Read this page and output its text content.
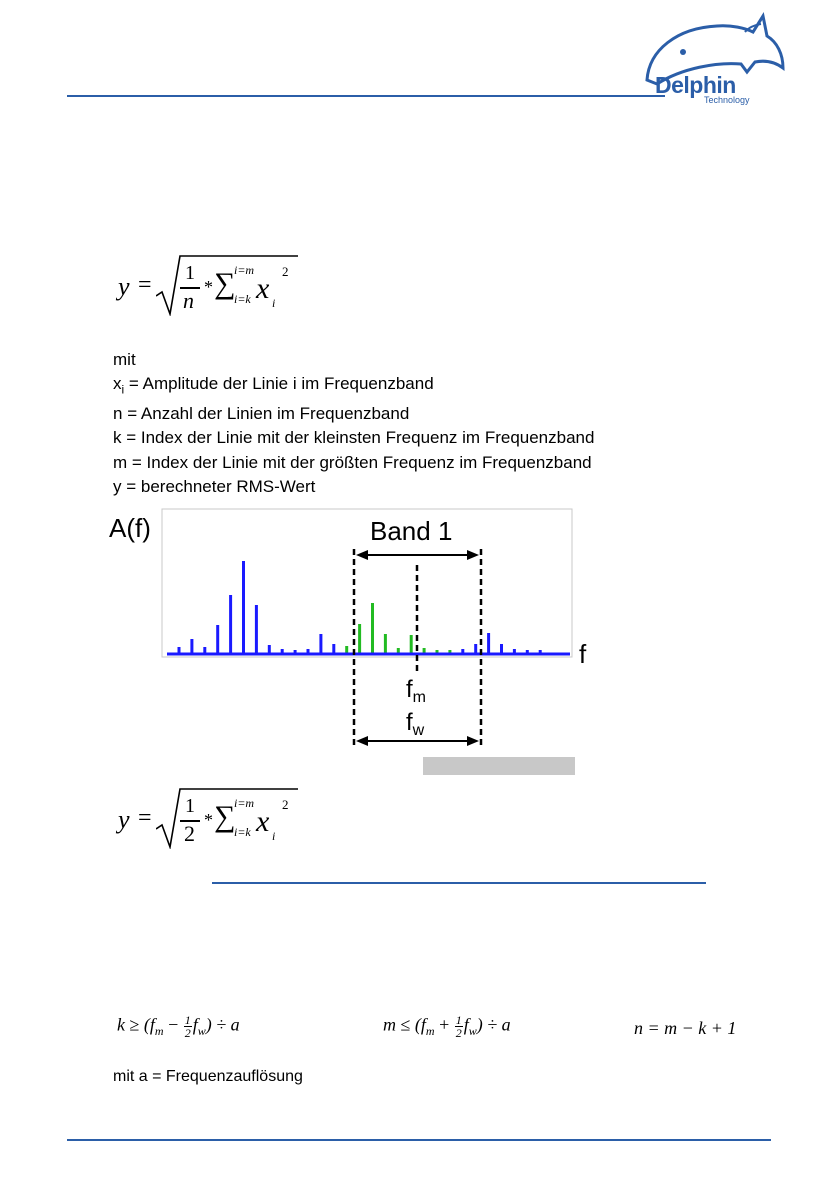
Delphin
Technology
y = 1
n
* ∑
i=m
i=k x i
2
mit
$x_i$ = Amplitude der Linie i im Frequenzband
n = Anzahl der Linien im Frequenzband
k = Index der Linie mit der kleinsten Frequenz im Frequenzband
m = Index der Linie mit der größten Frequenz im Frequenzband
y = berechneter RMS-Wert
A(f)
f
Band 1
$f_m$
$f_w$
y = 1
2
* ∑
i=m
i=k x i
2
$k \ge (f_m - \frac{1}{2} f_w) \div a$	$m \le (f_m + \frac{1}{2} f_w) \div a$	n = m − k + 1
mit a = Frequenzauflösung
